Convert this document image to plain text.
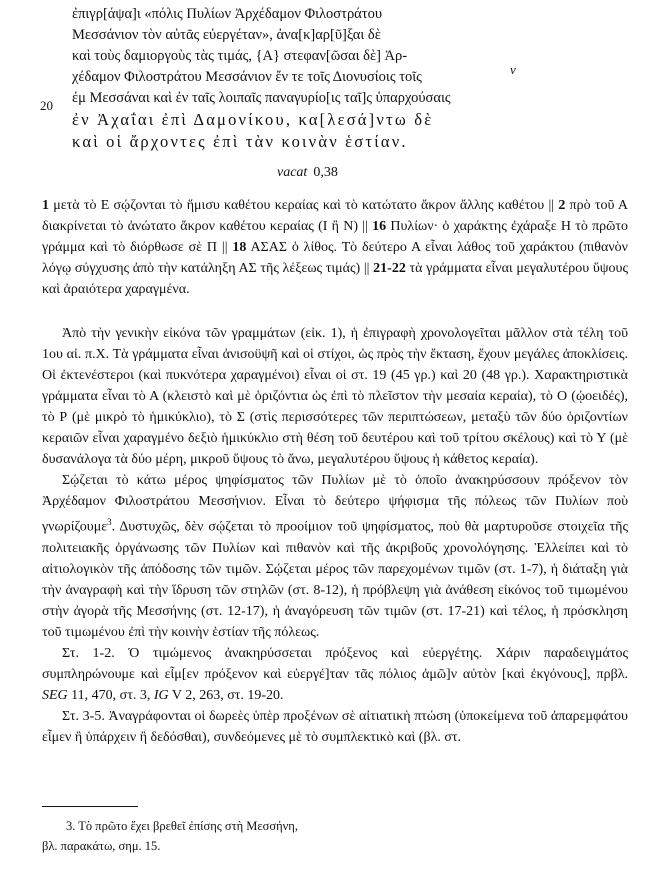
ἐπιγρ[άψα]ι «πόλις Πυλίων Ἀρχέδαμον Φιλοστράτου
Μεσσάνιον τὸν αὐτᾶς εὐεργέταν», ἀνα[κ]αρ[ῦ]ξαι δὲ
καὶ τοὺς δαμιοργοὺς τὰς τιμάς, {Α} στεφαν[ῶσαι δὲ] Ἀρ-
χέδαμον Φιλοστράτου Μεσσάνιον ἔν τε τοῖς Διονυσίοις τοῖς
ἐμ Μεσσάναι καὶ ἐν ταῖς λοιπαῖς παναγυρίο[ις ταῖ]ς ὑπαρχούσαις
ἐν Ἀχαΐαι ἐπὶ Δαμονίκου, κα[λεσά]ντω δὲ
καὶ οἱ ἄρχοντες ἐπὶ τὰν κοινὰν ἑστίαν.
20
v
vacat 0,38

1 μετὰ τὸ Ε σῴζονται τὸ ἥμισυ καθέτου κεραίας καὶ τὸ κατώτατο ἄκρον ἄλλης καθέτου || 2 πρὸ τοῦ Α διακρίνεται τὸ ἀνώτατο ἄκρον καθέτου κεραίας (Ι ἢ Ν) || 16 Πυλίων· ὁ χαράκτης ἐχάραξε Η τὸ πρῶτο γράμμα καὶ τὸ διόρθωσε σὲ Π || 18 ΑΣΑΣ ὁ λίθος. Τὸ δεύτερο Α εἶναι λάθος τοῦ χαράκτου (πιθανὸν λόγῳ σύγχυσης ἀπὸ τὴν κατάληξη ΑΣ τῆς λέξεως τιμάς) || 21-22 τὰ γράμματα εἶναι μεγαλυτέρου ὕψους καὶ ἀραιότερα χαραγμένα.

Ἀπὸ τὴν γενικὴν εἰκόνα τῶν γραμμάτων (εἰκ. 1), ἡ ἐπιγραφὴ χρονολογεῖται μᾶλλον στὰ τέλη τοῦ 1ου αἰ. π.Χ. Τὰ γράμματα εἶναι ἀνισοϋψῆ καὶ οἱ στίχοι, ὡς πρὸς τὴν ἔκταση, ἔχουν μεγάλες ἀποκλίσεις. Οἱ ἐκτενέστεροι (καὶ πυκνότερα χαραγμένοι) εἶναι οἱ στ. 19 (45 γρ.) καὶ 20 (48 γρ.). Χαρακτηριστικὰ γράμματα εἶναι τὸ Α (κλειστὸ καὶ μὲ ὁριζόντια ὡς ἐπὶ τὸ πλεῖστον τὴν μεσαία κεραία), τὸ Ο (ᾠοειδές), τὸ Ρ (μὲ μικρὸ τὸ ἡμικύκλιο), τὸ Σ (στὶς περισσότερες τῶν περιπτώσεων, μεταξὺ τῶν δύο ὁριζοντίων κεραιῶν εἶναι χαραγμένο δεξιὸ ἡμικύκλιο στὴ θέση τοῦ δευτέρου καὶ τοῦ τρίτου σκέλους) καὶ τὸ Υ (μὲ δυσανάλογα τὰ δύο μέρη, μικροῦ ὕψους τὸ ἄνω, μεγαλυτέρου ὕψους ἡ κάθετος κεραία).

Σῴζεται τὸ κάτω μέρος ψηφίσματος τῶν Πυλίων μὲ τὸ ὁποῖο ἀνακηρύσσουν πρόξενον τὸν Ἀρχέδαμον Φιλοστράτου Μεσσήνιον. Εἶναι τὸ δεύτερο ψήφισμα τῆς πόλεως τῶν Πυλίων ποὺ γνωρίζουμε$^3$. Δυστυχῶς, δὲν σῴζεται τὸ προοίμιον τοῦ ψηφίσματος, ποὺ θὰ μαρτυροῦσε στοιχεῖα τῆς πολιτειακῆς ὀργάνωσης τῶν Πυλίων καὶ πιθανὸν καὶ τῆς ἀκριβοῦς χρονολόγησης. Ἐλλείπει καὶ τὸ αἰτιολογικὸν τῆς ἀπόδοσης τῶν τιμῶν. Σῴζεται μέρος τῶν παρεχομένων τιμῶν (στ. 1-7), ἡ διάταξη γιὰ τὴν ἀναγραφὴ καὶ τὴν ἵδρυση τῶν στηλῶν (στ. 8-12), ἡ πρόβλεψη γιὰ ἀνάθεση εἰκόνος τοῦ τιμωμένου στὴν ἀγορὰ τῆς Μεσσήνης (στ. 12-17), ἡ ἀναγόρευση τῶν τιμῶν (στ. 17-21) καὶ τέλος, ἡ πρόσκληση τοῦ τιμωμένου ἐπὶ τὴν κοινὴν ἑστίαν τῆς πόλεως.

Στ. 1-2. Ὁ τιμώμενος ἀνακηρύσσεται πρόξενος καὶ εὐεργέτης. Χάριν παραδειγμάτος συμπληρώνουμε καὶ εἶμ[εν πρόξενον καὶ εὐεργέ]ταν τᾶς πόλιος ἀμῶ]ν αὐτὸν [καὶ ἐκγόνους], πρβλ. SEG 11, 470, στ. 3, IG V 2, 263, στ. 19-20.

Στ. 3-5. Ἀναγράφονται οἱ δωρεὲς ὑπὲρ προξένων σὲ αἰτιατικὴ πτώση (ὑποκείμενα τοῦ ἀπαρεμφάτου εἶμεν ἢ ὑπάρχειν ἢ δεδόσθαι), συνδεόμενες μὲ τὸ συμπλεκτικὸ καὶ (βλ. στ.

3. Τὸ πρῶτο ἔχει βρεθεῖ ἐπίσης στὴ Μεσσήνη,
βλ. παρακάτω, σημ. 15.
